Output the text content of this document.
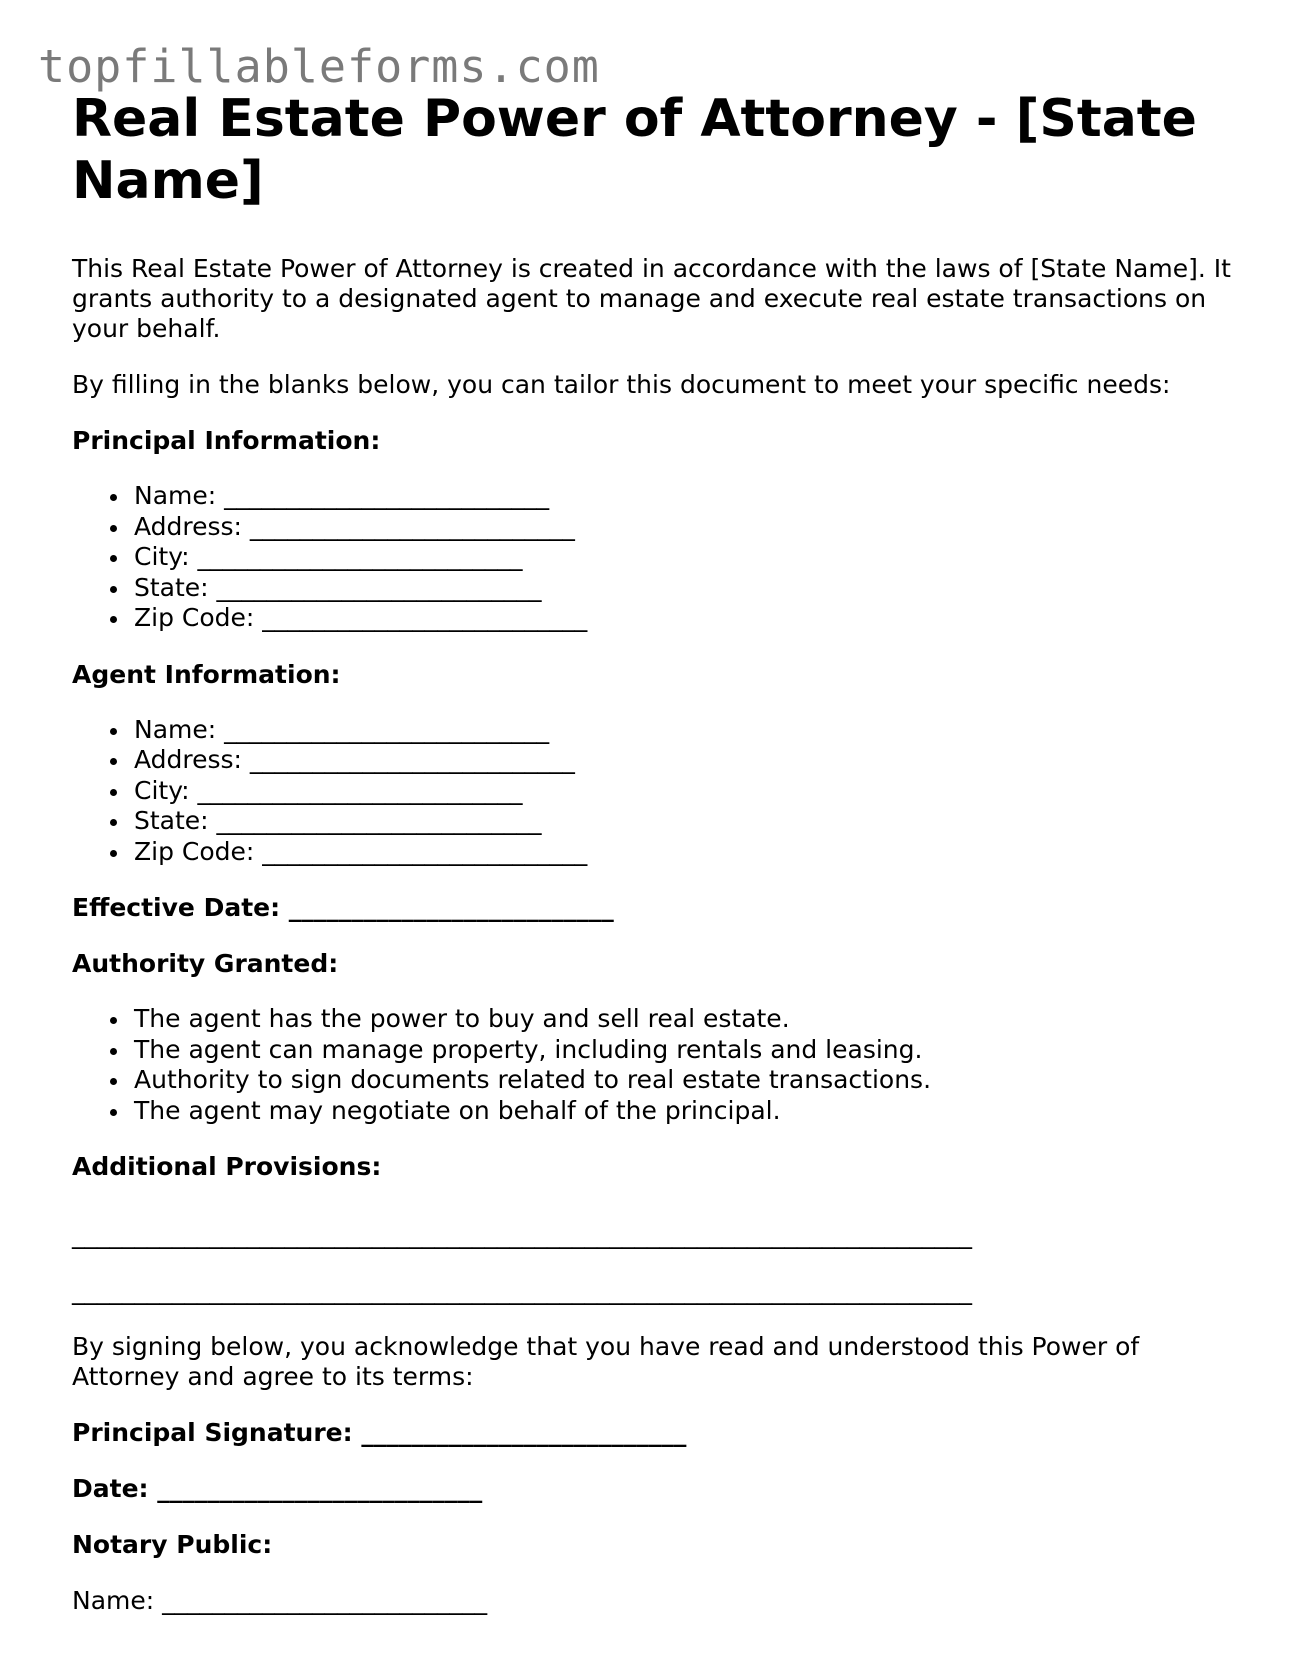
topfillableforms.com
Real Estate Power of Attorney - [State Name]

This Real Estate Power of Attorney is created in accordance with the laws of [State Name]. It grants authority to a designated agent to manage and execute real estate transactions on your behalf.

By filling in the blanks below, you can tailor this document to meet your specific needs:

Principal Information:

Name: __________________________
Address: __________________________
City: __________________________
State: __________________________
Zip Code: __________________________

Agent Information:

Name: __________________________
Address: __________________________
City: __________________________
State: __________________________
Zip Code: __________________________

Effective Date: __________________________

Authority Granted:

The agent has the power to buy and sell real estate.
The agent can manage property, including rentals and leasing.
Authority to sign documents related to real estate transactions.
The agent may negotiate on behalf of the principal.

Additional Provisions:

________________________________________________________________________

________________________________________________________________________

By signing below, you acknowledge that you have read and understood this Power of Attorney and agree to its terms:

Principal Signature: __________________________

Date: __________________________

Notary Public:

Name: __________________________
